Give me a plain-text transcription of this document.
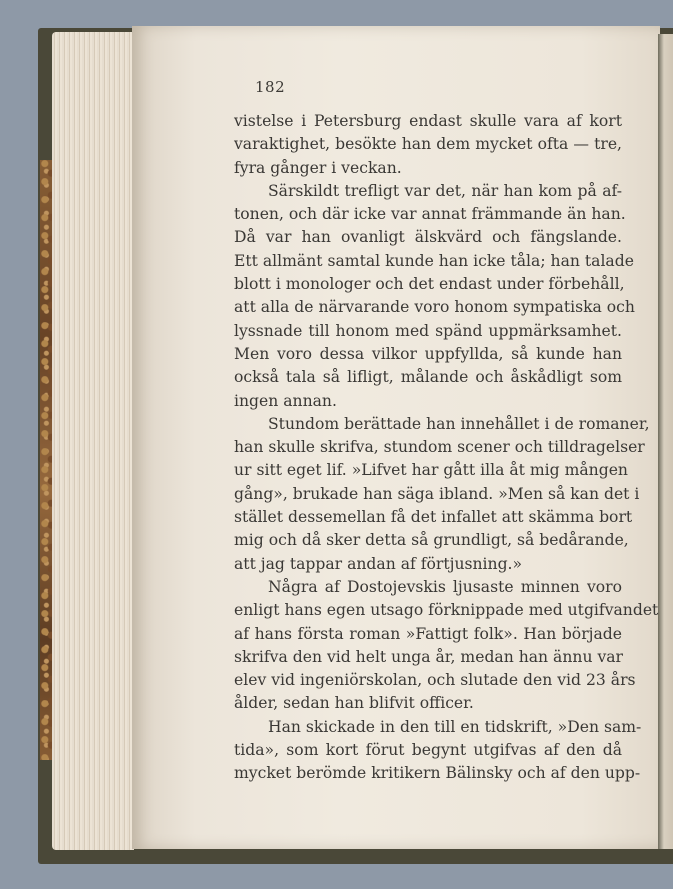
182
vistelse i Petersburg endast skulle vara af kort
varaktighet, besökte han dem mycket ofta — tre,
fyra gånger i veckan.
Särskildt trefligt var det, när han kom på af-
tonen, och där icke var annat främmande än han.
Då var han ovanligt älskvärd och fängslande.
Ett allmänt samtal kunde han icke tåla; han talade
blott i monologer och det endast under förbehåll,
att alla de närvarande voro honom sympatiska och
lyssnade till honom med spänd uppmärksamhet.
Men voro dessa vilkor uppfyllda, så kunde han
också tala så lifligt, målande och åskådligt som
ingen annan.
Stundom berättade han innehållet i de romaner,
han skulle skrifva, stundom scener och tilldragelser
ur sitt eget lif. »Lifvet har gått illa åt mig mången
gång», brukade han säga ibland. »Men så kan det i
stället dessemellan få det infallet att skämma bort
mig och då sker detta så grundligt, så bedårande,
att jag tappar andan af förtjusning.»
Några af Dostojevskis ljusaste minnen voro
enligt hans egen utsago förknippade med utgifvandet
af hans första roman »Fattigt folk». Han började
skrifva den vid helt unga år, medan han ännu var
elev vid ingeniörskolan, och slutade den vid 23 års
ålder, sedan han blifvit officer.
Han skickade in den till en tidskrift, »Den sam-
tida», som kort förut begynt utgifvas af den då
mycket berömde kritikern Bälinsky och af den upp-
